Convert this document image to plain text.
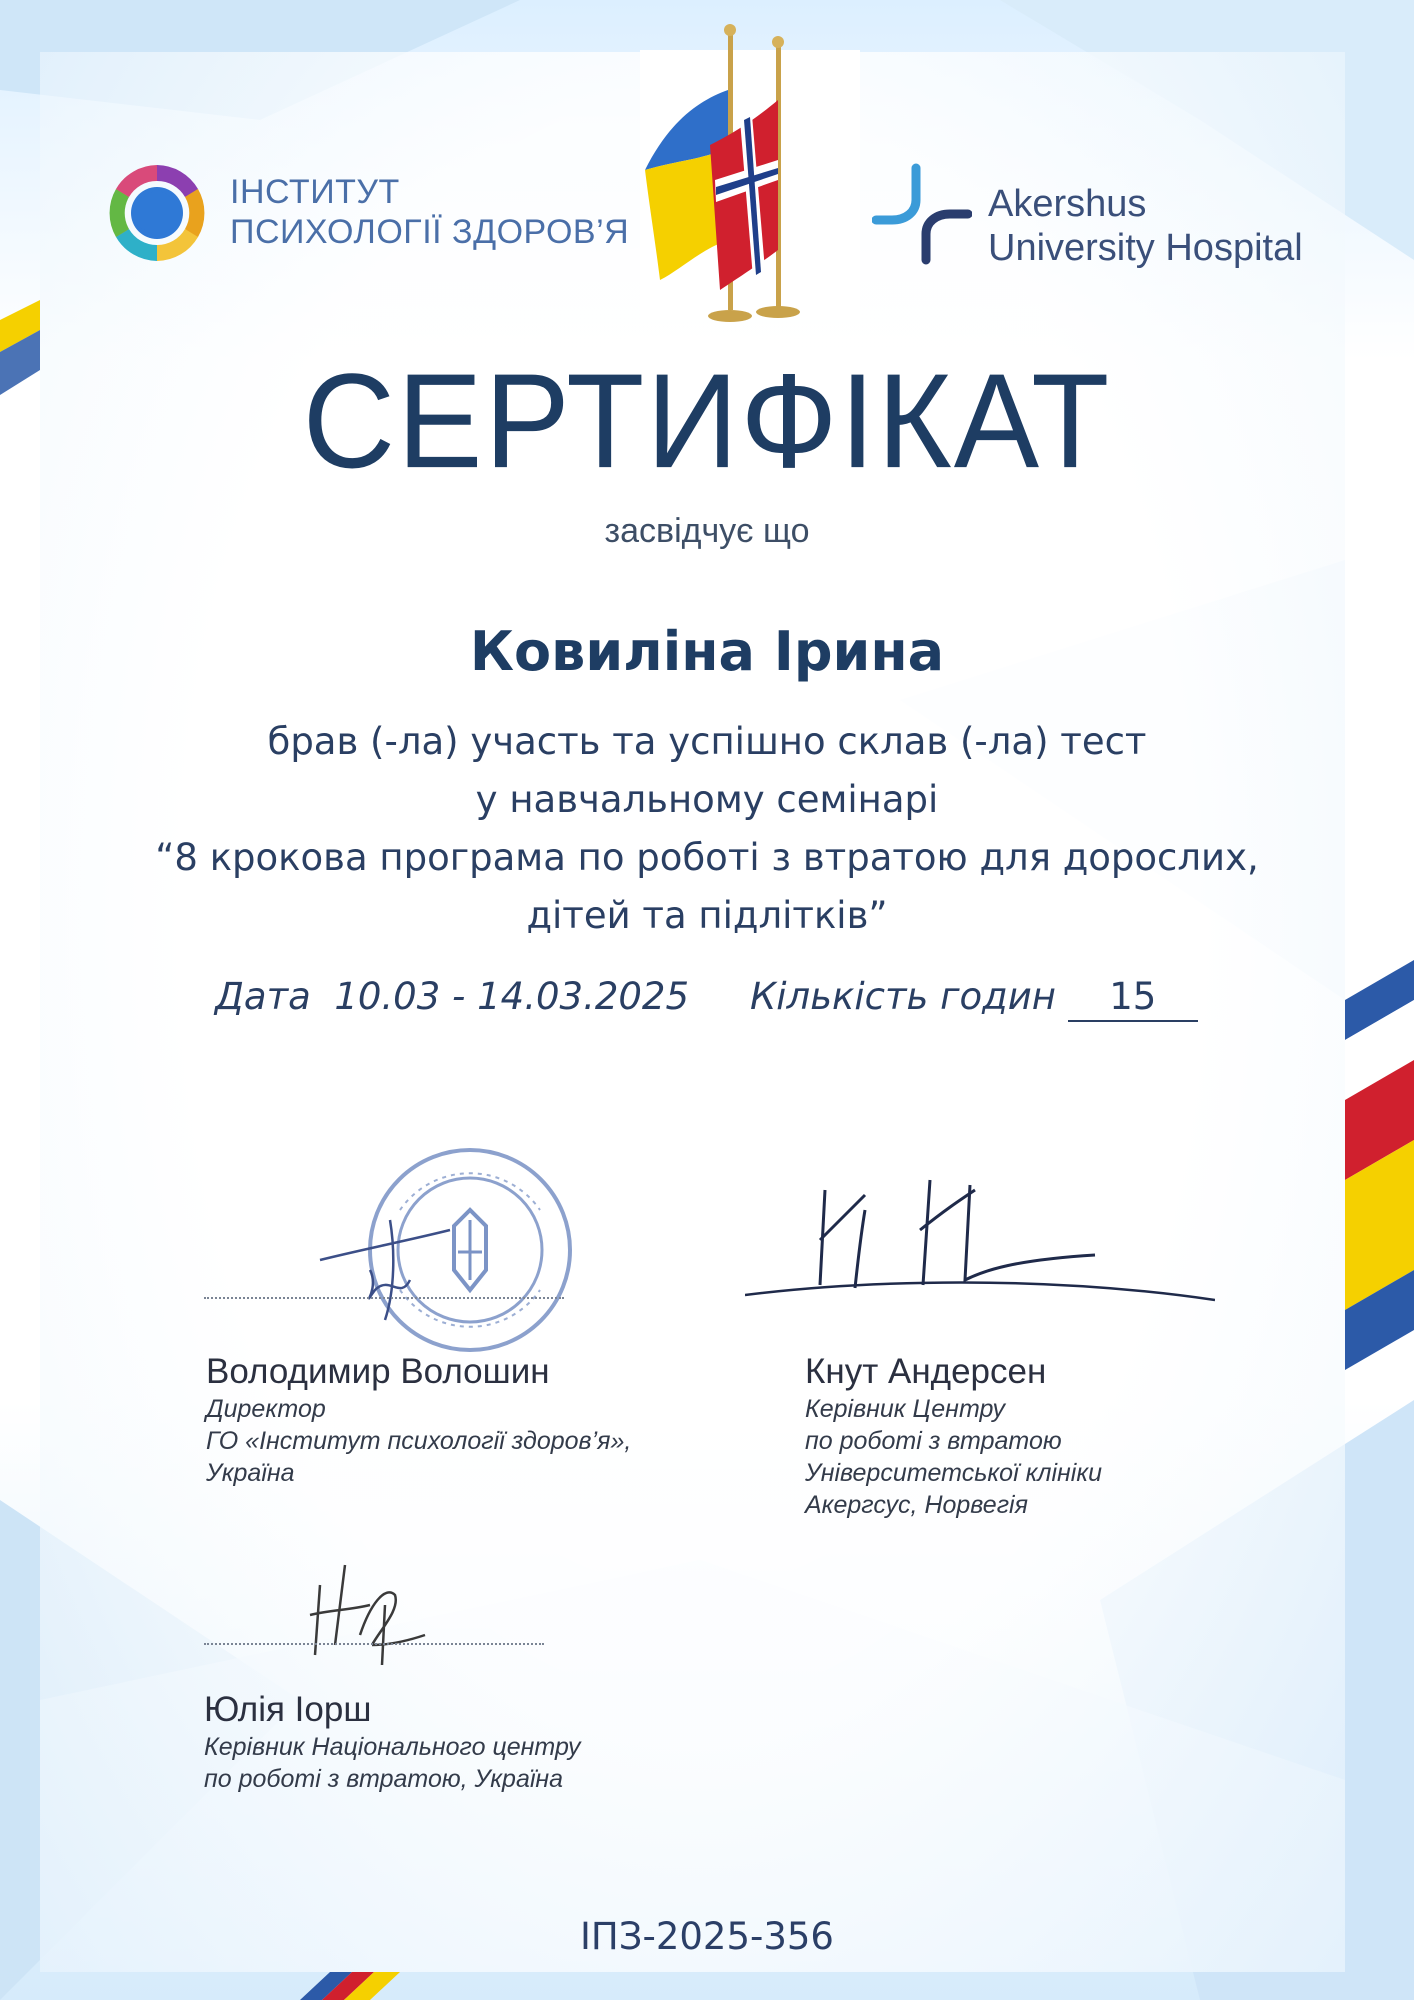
ІНСТИТУТ
ПСИХОЛОГІЇ ЗДОРОВ’Я
Akershus
University Hospital
СЕРТИФІКАТ
засвідчує що
Ковиліна Ірина
брав (-ла) участь та успішно склав (-ла) тест
у навчальному семінарі
“8 крокова програма по роботі з втратою для дорослих,
дітей та підлітків”
Дата 10.03 - 14.03.2025 Кількість годин 15
Володимир Волошин
Директор
ГО «Інститут психології здоров’я»,
Україна
Кнут Андерсен
Керівник Центру
по роботі з втратою
Університетської клініки
Акергсус, Норвегія
Юлія Іорш
Керівник Національного центру
по роботі з втратою, Україна
ІПЗ-2025-356
